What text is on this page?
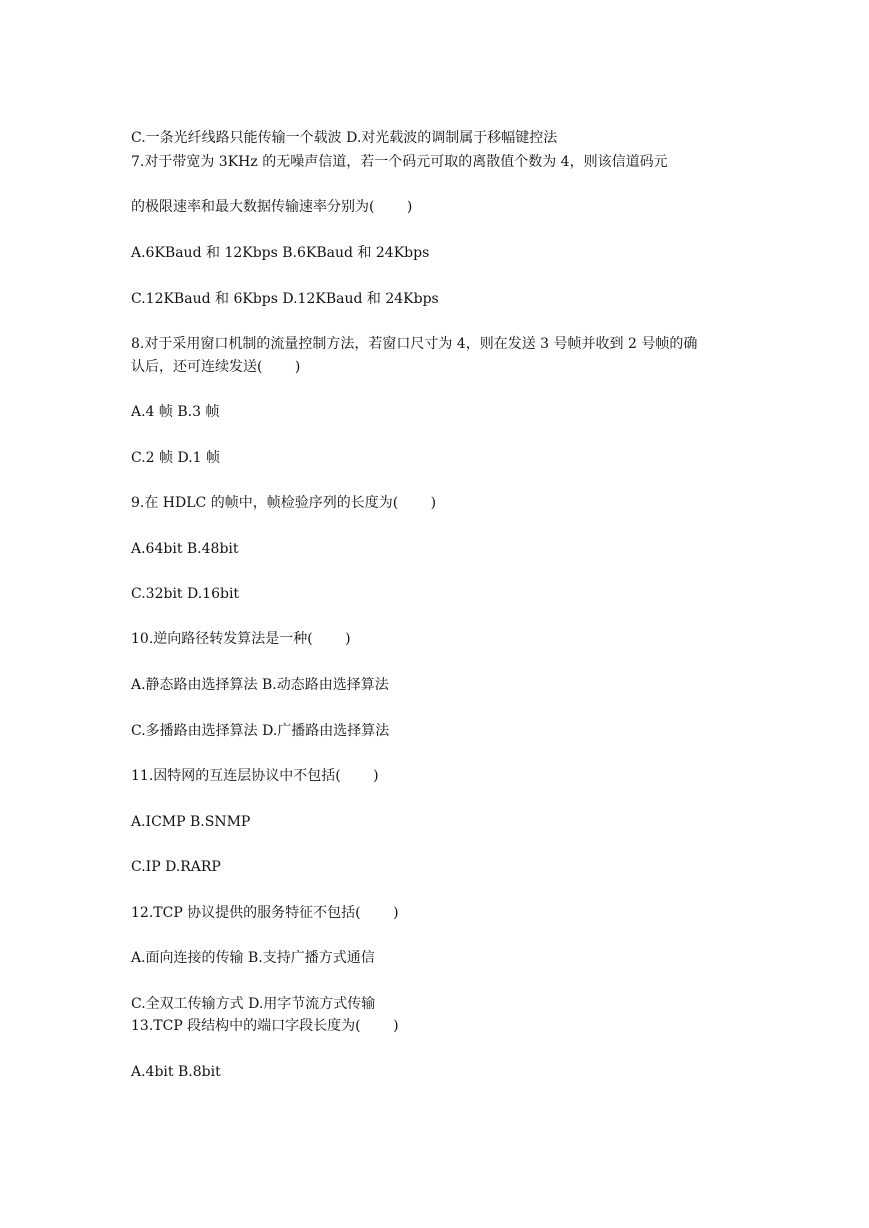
C.一条光纤线路只能传输一个载波 D.对光载波的调制属于移幅键控法
7.对于带宽为 3KHz 的无噪声信道，若一个码元可取的离散值个数为 4，则该信道码元
的极限速率和最大数据传输速率分别为(　　 )
A.6KBaud 和 12Kbps B.6KBaud 和 24Kbps
C.12KBaud 和 6Kbps D.12KBaud 和 24Kbps
8.对于采用窗口机制的流量控制方法，若窗口尺寸为 4，则在发送 3 号帧并收到 2 号帧的确
认后，还可连续发送(　　 )
A.4 帧 B.3 帧
C.2 帧 D.1 帧
9.在 HDLC 的帧中，帧检验序列的长度为(　　 )
A.64bit B.48bit
C.32bit D.16bit
10.逆向路径转发算法是一种(　　 )
A.静态路由选择算法 B.动态路由选择算法
C.多播路由选择算法 D.广播路由选择算法
11.因特网的互连层协议中不包括(　　 )
A.ICMP B.SNMP
C.IP D.RARP
12.TCP 协议提供的服务特征不包括(　　 )
A.面向连接的传输 B.支持广播方式通信
C.全双工传输方式 D.用字节流方式传输
13.TCP 段结构中的端口字段长度为(　　 )
A.4bit B.8bit
